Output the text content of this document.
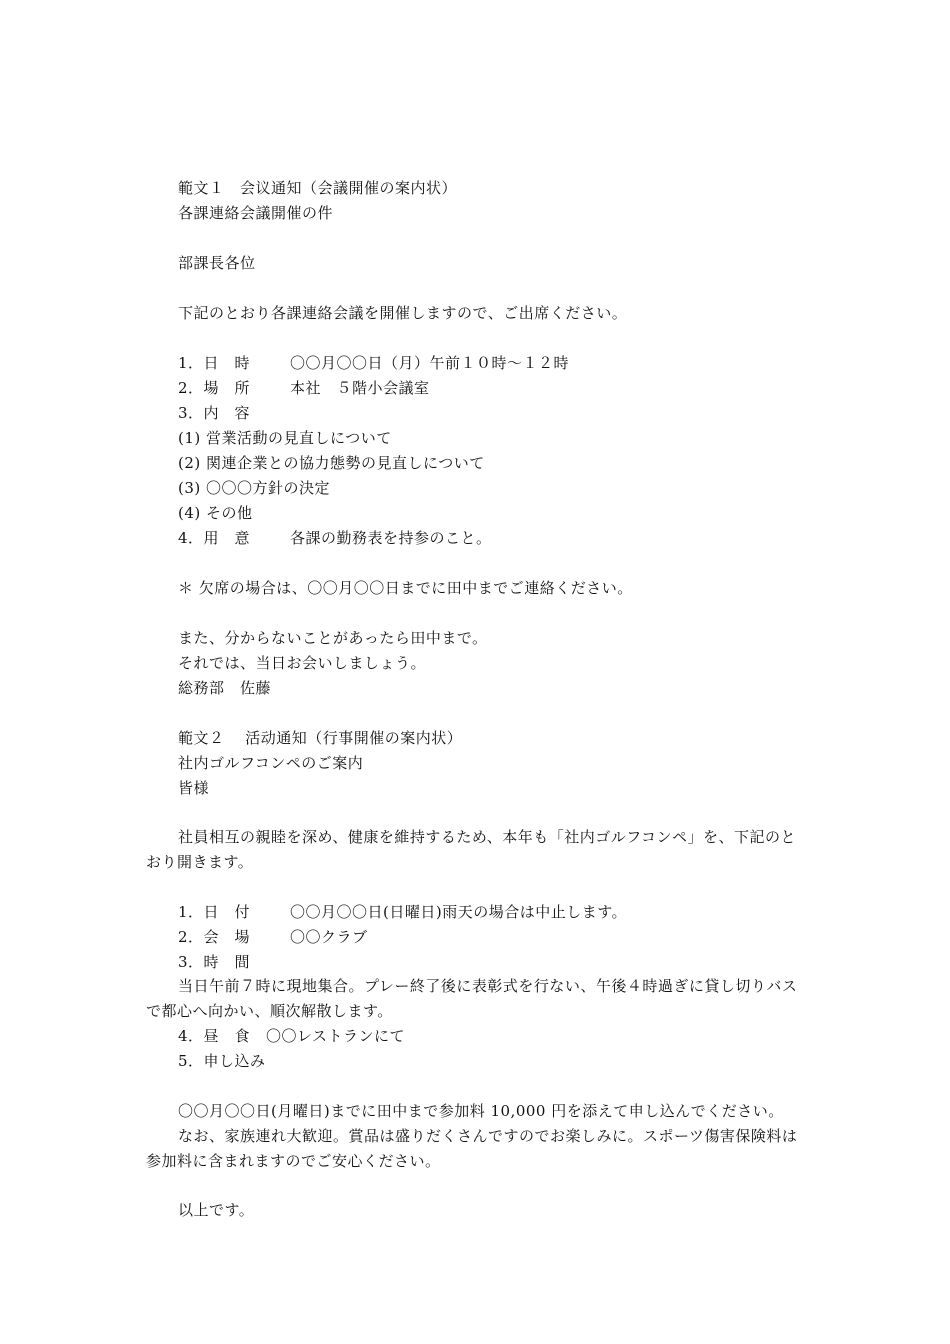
範文１　会议通知（会議開催の案内状）
各課連絡会議開催の件
部課長各位
下記のとおり各課連絡会議を開催しますので、ご出席ください。
1．日　時	〇〇月〇〇日（月）午前１０時～１２時
2．場　所	本社　５階小会議室
3．内　容
(1) 営業活動の見直しについて
(2) 関連企業との協力態勢の見直しについて
(3) 〇〇〇方針の決定
(4) その他
4．用　意	各課の勤務表を持参のこと。
＊ 欠席の場合は、〇〇月〇〇日までに田中までご連絡ください。
また、分からないことがあったら田中まで。
それでは、当日お会いしましょう。
総務部　佐藤
範文２　 活动通知（行事開催の案内状）
社内ゴルフコンペのご案内
皆様
社員相互の親睦を深め、健康を維持するため、本年も「社内ゴルフコンペ」を、下記のとおり開きます。
1．日　付	〇〇月〇〇日(日曜日)雨天の場合は中止します。
2．会　場	〇〇クラブ
3．時　間
当日午前７時に現地集合。プレー終了後に表彰式を行ない、午後４時過ぎに貸し切りバスで都心へ向かい、順次解散します。
4．昼　食 〇〇レストランにて
5．申し込み
〇〇月〇〇日(月曜日)までに田中まで参加料 10,000 円を添えて申し込んでください。
なお、家族連れ大歓迎。賞品は盛りだくさんですのでお楽しみに。スポーツ傷害保険料は参加料に含まれますのでご安心ください。
以上です。
